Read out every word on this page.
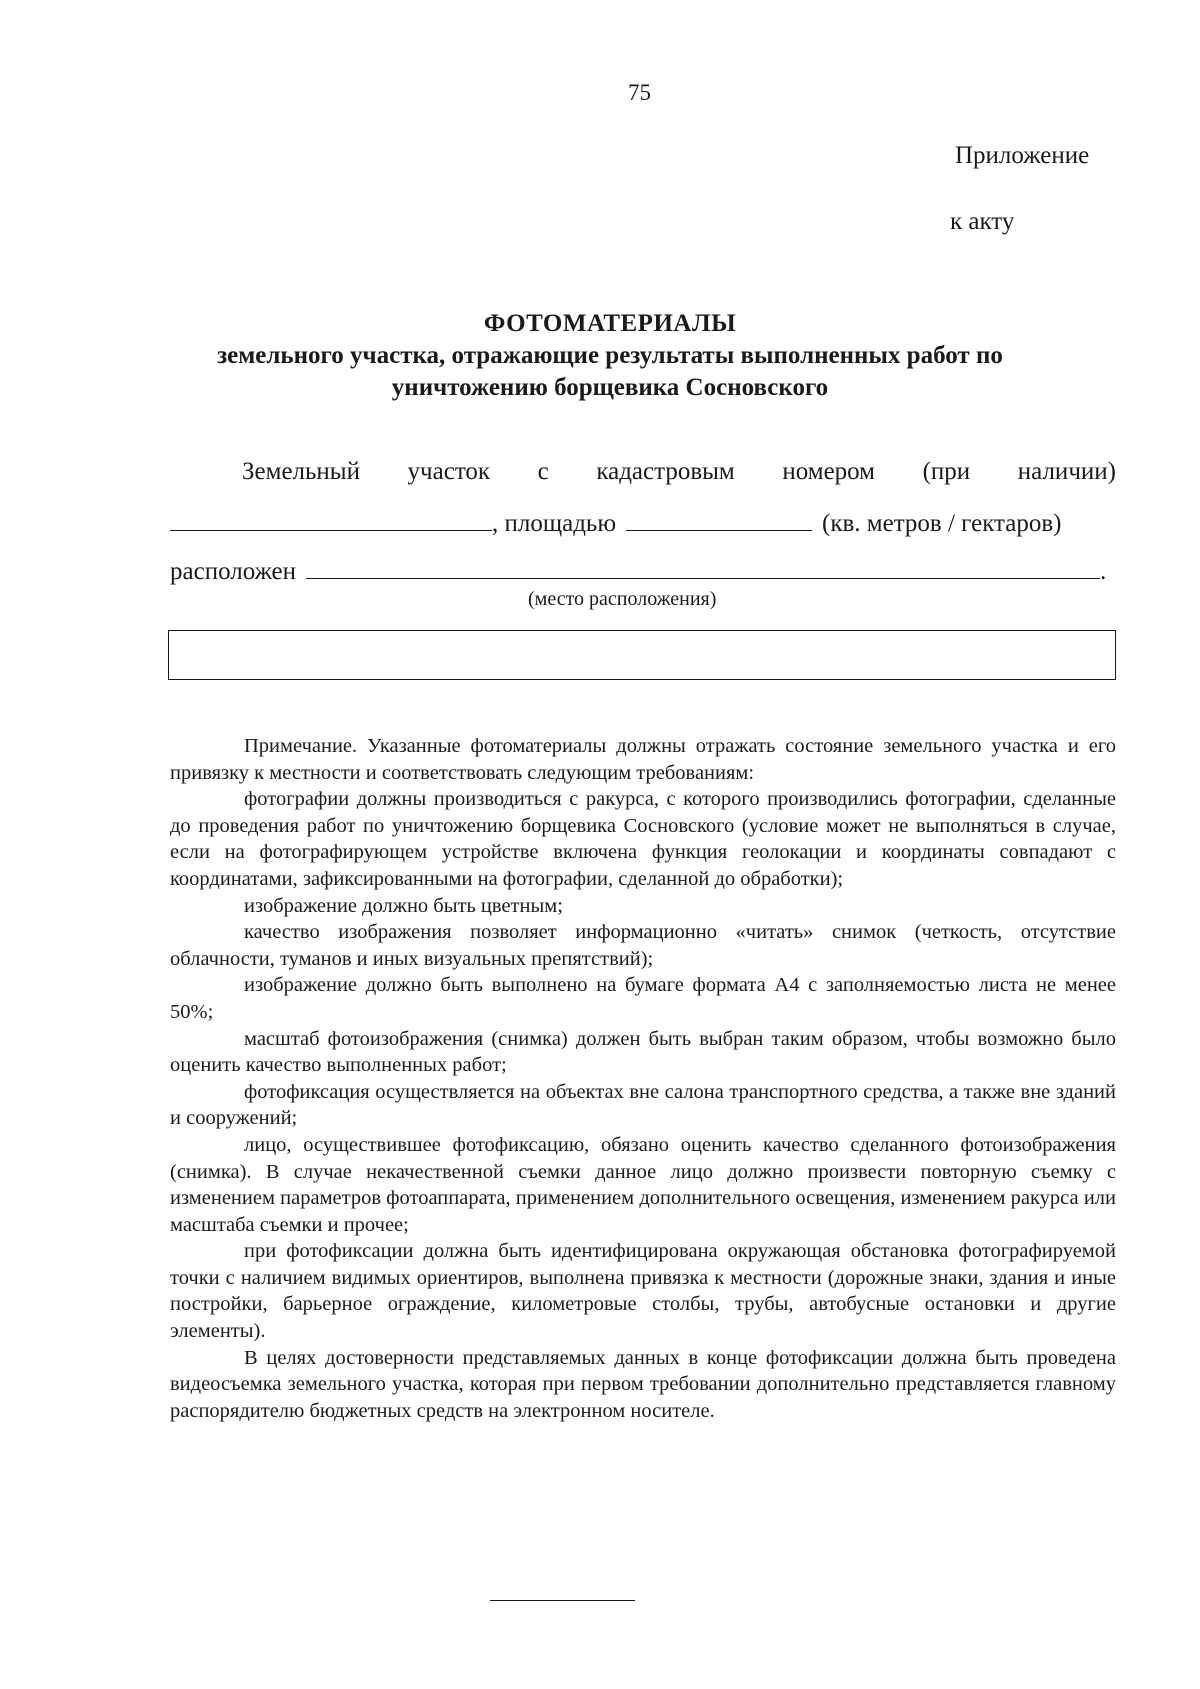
75
Приложение
к акту
ФОТОМАТЕРИАЛЫ
земельного участка, отражающие результаты выполненных работ по
уничтожению борщевика Сосновского
Земельный участок с кадастровым номером (при наличии)
, площадью	(кв. метров / гектаров)
расположен	.
(место расположения)

Примечание. Указанные фотоматериалы должны отражать состояние земельного участка и его привязку к местности и соответствовать следующим требованиям:

фотографии должны производиться с ракурса, с которого производились фотографии, сделанные до проведения работ по уничтожению борщевика Сосновского (условие может не выполняться в случае, если на фотографирующем устройстве включена функция геолокации и координаты совпадают с координатами, зафиксированными на фотографии, сделанной до обработки);

изображение должно быть цветным;

качество изображения позволяет информационно «читать» снимок (четкость, отсутствие облачности, туманов и иных визуальных препятствий);

изображение должно быть выполнено на бумаге формата А4 с заполняемостью листа не менее 50%;

масштаб фотоизображения (снимка) должен быть выбран таким образом, чтобы возможно было оценить качество выполненных работ;

фотофиксация осуществляется на объектах вне салона транспортного средства, а также вне зданий и сооружений;

лицо, осуществившее фотофиксацию, обязано оценить качество сделанного фотоизображения (снимка). В случае некачественной съемки данное лицо должно произвести повторную съемку с изменением параметров фотоаппарата, применением дополнительного освещения, изменением ракурса или масштаба съемки и прочее;

при фотофиксации должна быть идентифицирована окружающая обстановка фотографируемой точки с наличием видимых ориентиров, выполнена привязка к местности (дорожные знаки, здания и иные постройки, барьерное ограждение, километровые столбы, трубы, автобусные остановки и другие элементы).

В целях достоверности представляемых данных в конце фотофиксации должна быть проведена видеосъемка земельного участка, которая при первом требовании дополнительно представляется главному распорядителю бюджетных средств на электронном носителе.
